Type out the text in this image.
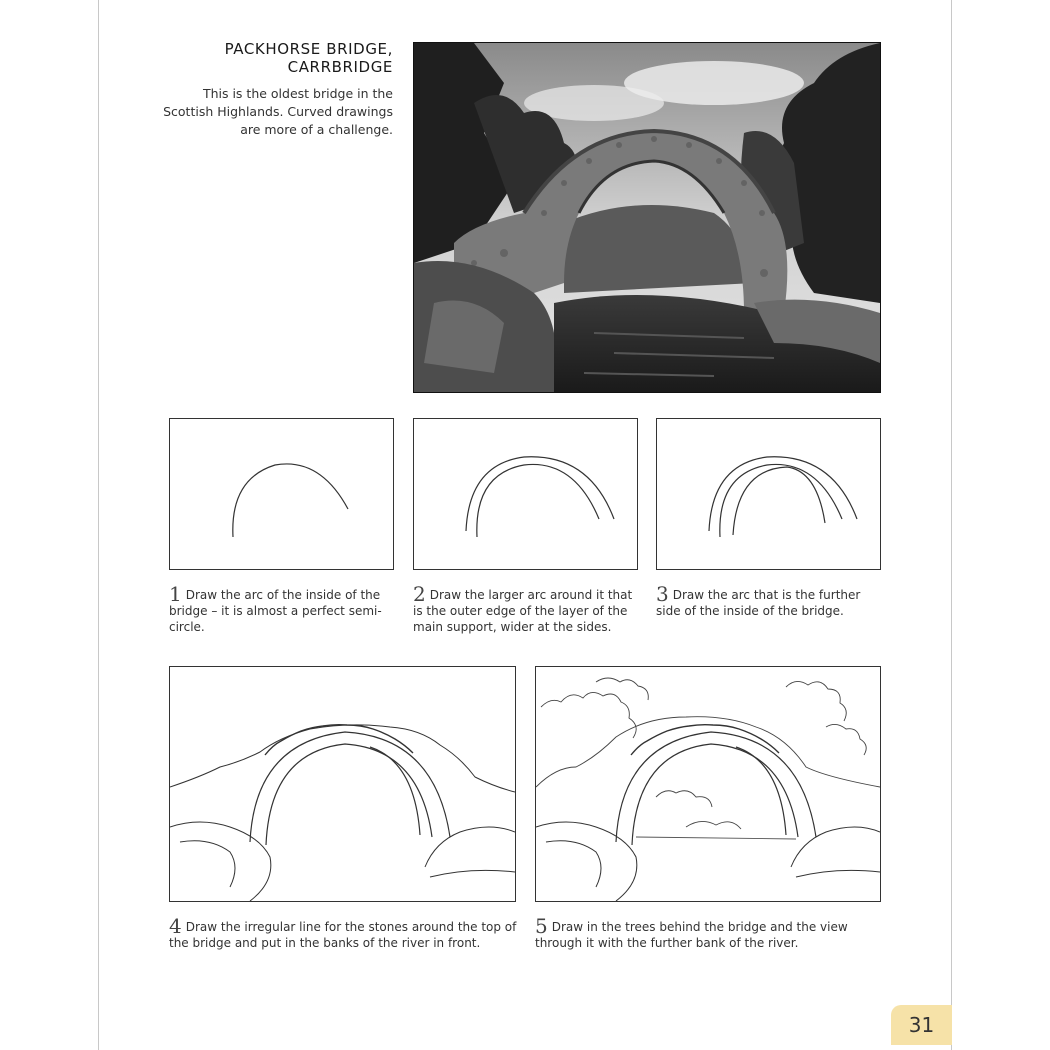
PACKHORSE BRIDGE,
CARRBRIDGE
This is the oldest bridge in the Scottish Highlands. Curved drawings are more of a challenge.
1 Draw the arc of the inside of the bridge – it is almost a perfect semi-circle.
2 Draw the larger arc around it that is the outer edge of the layer of the main support, wider at the sides.
3 Draw the arc that is the further side of the inside of the bridge.
4 Draw the irregular line for the stones around the top of the bridge and put in the banks of the river in front.
5 Draw in the trees behind the bridge and the view through it with the further bank of the river.
31
